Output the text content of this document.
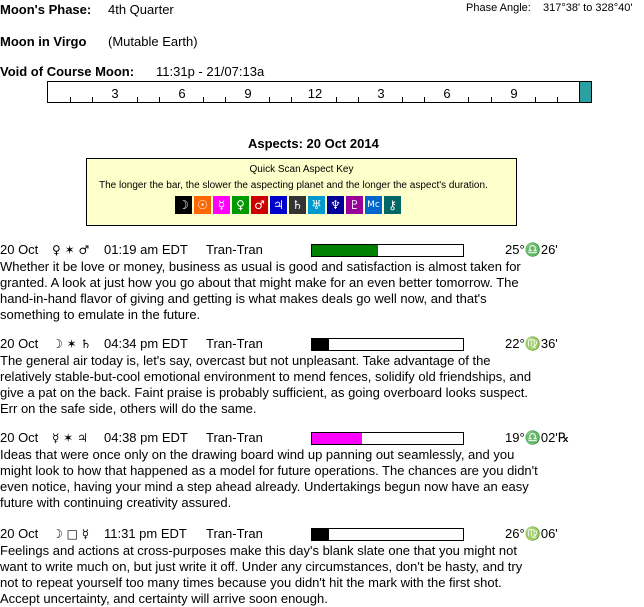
Moon's Phase: 4th Quarter	Phase Angle: 317°38' to 328°40'
Moon in Virgo (Mutable Earth)
Void of Course Moon: 11:31p - 21/07:13a
3	6	9	12	3	6	9
Aspects: 20 Oct 2014
Quick Scan Aspect Key
The longer the bar, the slower the aspecting planet and the longer the aspect's duration.
☽ ☉ ☿ ♀ ♂ ♃ ♄ ♅ ♆ ♇ Mc ⚷
20 Oct ♀ ✶ ♂ 01:19 am EDT Tran-Tran	25°♎26'
Whether it be love or money, business as usual is good and satisfaction is almost taken for
granted. A look at just how you go about that might make for an even better tomorrow. The
hand-in-hand flavor of giving and getting is what makes deals go well now, and that's
something to emulate in the future.
20 Oct ☽ ✶ ♄ 04:34 pm EDT Tran-Tran	22°♍36'
The general air today is, let's say, overcast but not unpleasant. Take advantage of the
relatively stable-but-cool emotional environment to mend fences, solidify old friendships, and
give a pat on the back. Faint praise is probably sufficient, as going overboard looks suspect.
Err on the safe side, others will do the same.
20 Oct ☿ ✶ ♃ 04:38 pm EDT Tran-Tran	19°♎02'℞
Ideas that were once only on the drawing board wind up panning out seamlessly, and you
might look to how that happened as a model for future operations. The chances are you didn't
even notice, having your mind a step ahead already. Undertakings begun now have an easy
future with continuing creativity assured.
20 Oct ☽ □ ☿ 11:31 pm EDT Tran-Tran	26°♍06'
Feelings and actions at cross-purposes make this day's blank slate one that you might not
want to write much on, but just write it off. Under any circumstances, don't be hasty, and try
not to repeat yourself too many times because you didn't hit the mark with the first shot.
Accept uncertainty, and certainty will arrive soon enough.
